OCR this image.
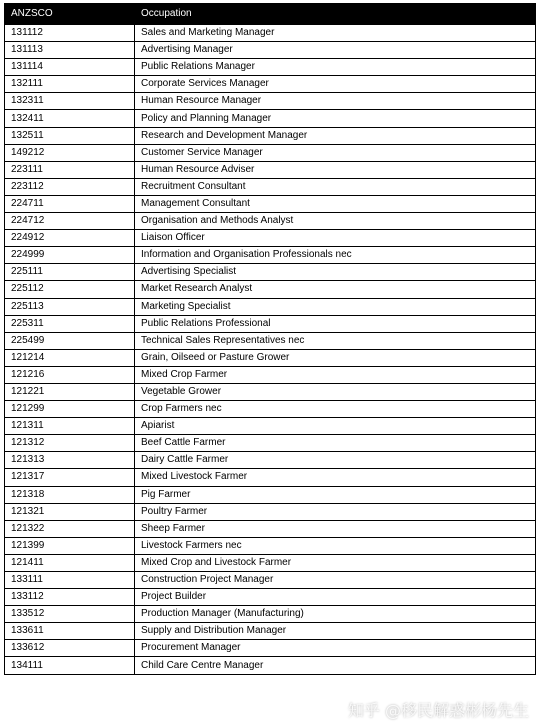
ANZSCO	Occupation
131112	Sales and Marketing Manager
131113	Advertising Manager
131114	Public Relations Manager
132111	Corporate Services Manager
132311	Human Resource Manager
132411	Policy and Planning Manager
132511	Research and Development Manager
149212	Customer Service Manager
223111	Human Resource Adviser
223112	Recruitment Consultant
224711	Management Consultant
224712	Organisation and Methods Analyst
224912	Liaison Officer
224999	Information and Organisation Professionals nec
225111	Advertising Specialist
225112	Market Research Analyst
225113	Marketing Specialist
225311	Public Relations Professional
225499	Technical Sales Representatives nec
121214	Grain, Oilseed or Pasture Grower
121216	Mixed Crop Farmer
121221	Vegetable Grower
121299	Crop Farmers nec
121311	Apiarist
121312	Beef Cattle Farmer
121313	Dairy Cattle Farmer
121317	Mixed Livestock Farmer
121318	Pig Farmer
121321	Poultry Farmer
121322	Sheep Farmer
121399	Livestock Farmers nec
121411	Mixed Crop and Livestock Farmer
133111	Construction Project Manager
133112	Project Builder
133512	Production Manager (Manufacturing)
133611	Supply and Distribution Manager
133612	Procurement Manager
134111	Child Care Centre Manager
知乎 @移民解惑彬杨先生
